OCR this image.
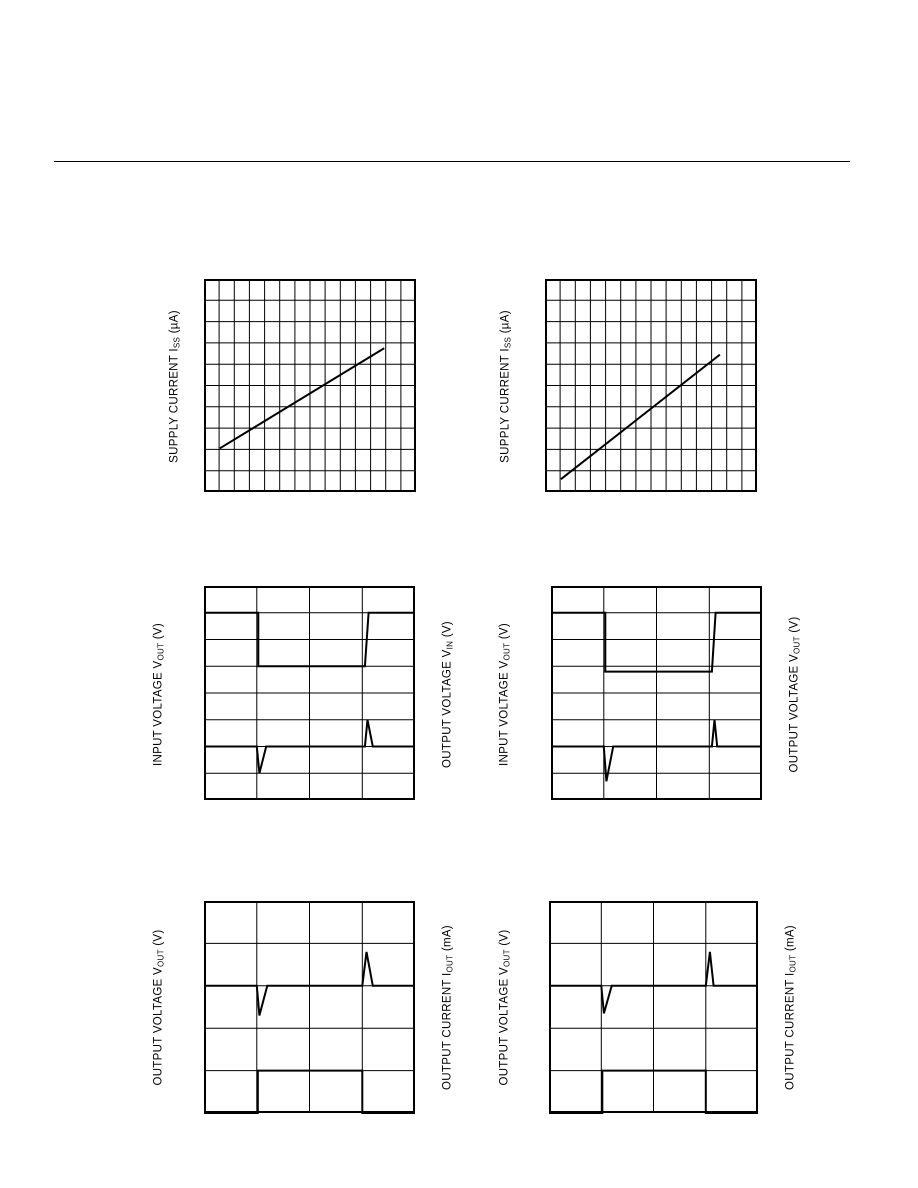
SUPPLY CURRENT $I_{SS}$ (µA)
SUPPLY CURRENT $I_{SS}$ (µA)
INPUT VOLTAGE $V_{OUT}$ (V)
OUTPUT VOLTAGE $V_{IN}$ (V)
INPUT VOLTAGE $V_{OUT}$ (V)
OUTPUT VOLTAGE $V_{OUT}$ (V)
OUTPUT VOLTAGE $V_{OUT}$ (V)
OUTPUT CURRENT $I_{OUT}$ (mA)
OUTPUT VOLTAGE $V_{OUT}$ (V)
OUTPUT CURRENT $I_{OUT}$ (mA)
